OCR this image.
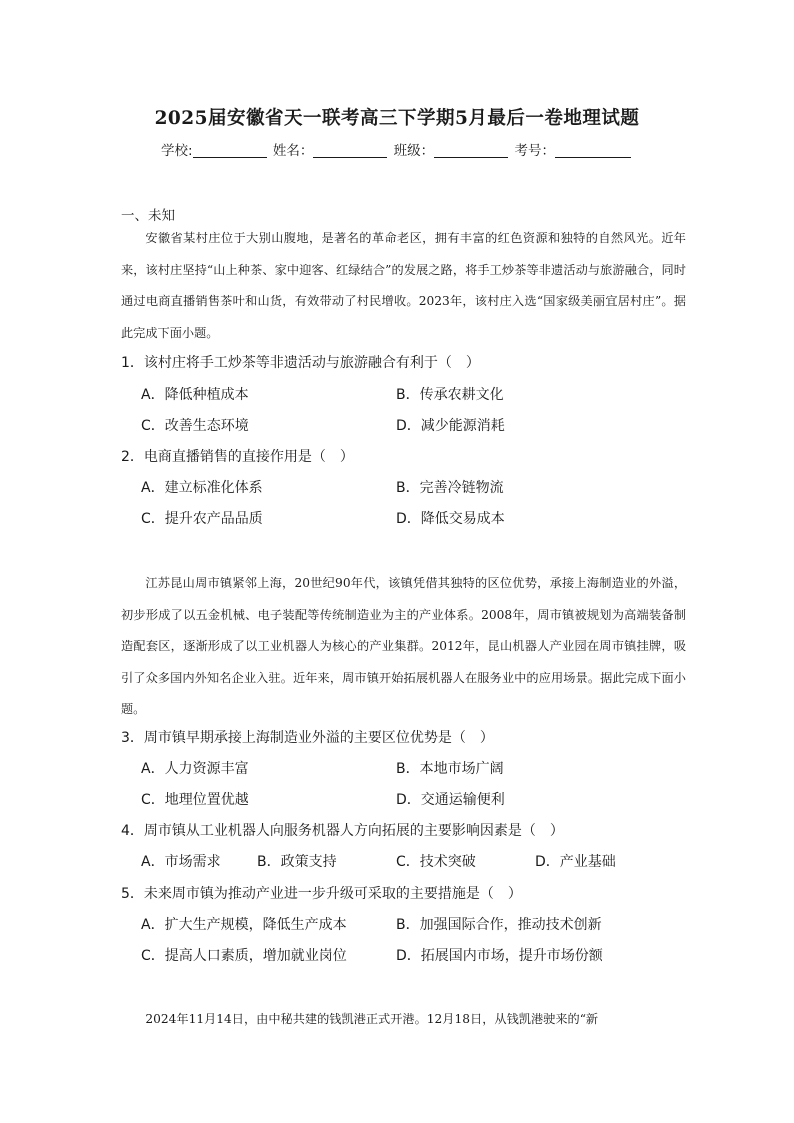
2025届安徽省天一联考高三下学期5月最后一卷地理试题
学校:	姓名：	班级：	考号：
一、未知
安徽省某村庄位于大别山腹地，是著名的革命老区，拥有丰富的红色资源和独特的自然风光。近年来，该村庄坚持“山上种茶、家中迎客、红绿结合”的发展之路，将手工炒茶等非遗活动与旅游融合，同时通过电商直播销售茶叶和山货，有效带动了村民增收。2023年，该村庄入选“国家级美丽宜居村庄”。据此完成下面小题。
1．该村庄将手工炒茶等非遗活动与旅游融合有利于（　）
A．降低种植成本	B．传承农耕文化
C．改善生态环境	D．减少能源消耗
2．电商直播销售的直接作用是（　）
A．建立标准化体系	B．完善冷链物流
C．提升农产品品质	D．降低交易成本
江苏昆山周市镇紧邻上海，20世纪90年代，该镇凭借其独特的区位优势，承接上海制造业的外溢，初步形成了以五金机械、电子装配等传统制造业为主的产业体系。2008年，周市镇被规划为高端装备制造配套区，逐渐形成了以工业机器人为核心的产业集群。2012年，昆山机器人产业园在周市镇挂牌，吸引了众多国内外知名企业入驻。近年来，周市镇开始拓展机器人在服务业中的应用场景。据此完成下面小题。
3．周市镇早期承接上海制造业外溢的主要区位优势是（　）
A．人力资源丰富	B．本地市场广阔
C．地理位置优越	D．交通运输便利
4．周市镇从工业机器人向服务机器人方向拓展的主要影响因素是（　）
A．市场需求	B．政策支持	C．技术突破	D．产业基础
5．未来周市镇为推动产业进一步升级可采取的主要措施是（　）
A．扩大生产规模，降低生产成本	B．加强国际合作，推动技术创新
C．提高人口素质，增加就业岗位	D．拓展国内市场，提升市场份额
2024年11月14日，由中秘共建的钱凯港正式开港。12月18日，从钱凯港驶来的“新
